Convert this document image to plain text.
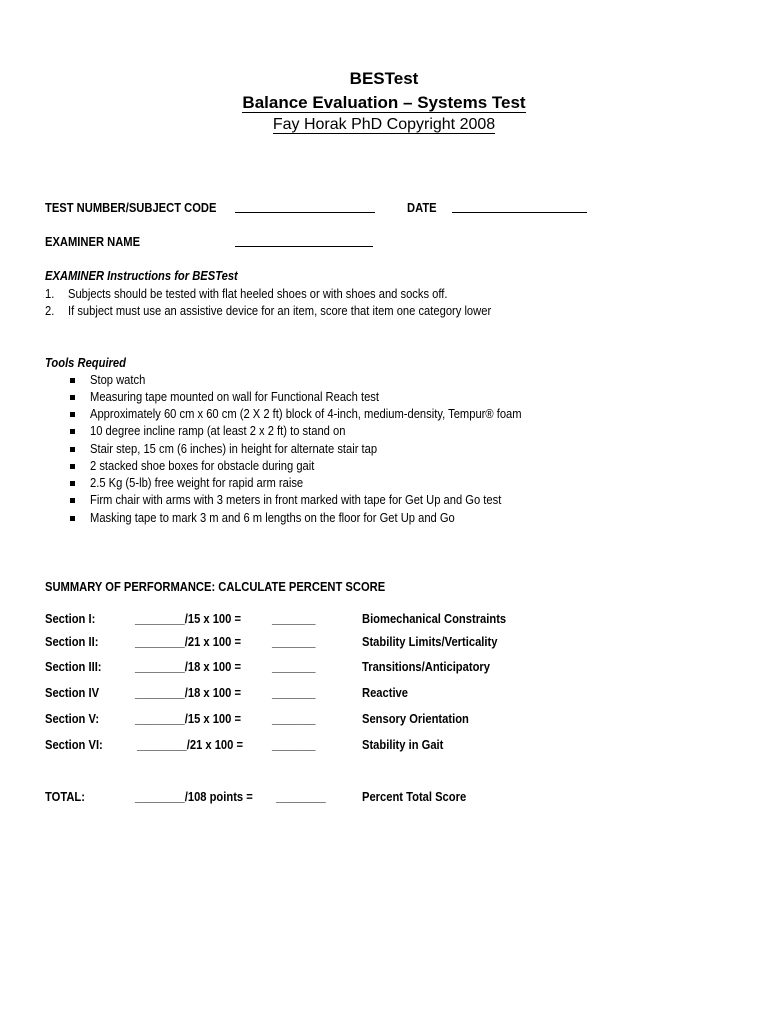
BESTest
Balance Evaluation – Systems Test
Fay Horak PhD Copyright 2008
TEST NUMBER/SUBJECT CODE	DATE
EXAMINER NAME
EXAMINER Instructions for BESTest
1. Subjects should be tested with flat heeled shoes or with shoes and socks off.
2. If subject must use an assistive device for an item, score that item one category lower
Tools Required
Stop watch
Measuring tape mounted on wall for Functional Reach test
Approximately 60 cm x 60 cm (2 X 2 ft) block of 4-inch, medium-density, Tempur® foam
10 degree incline ramp (at least 2 x 2 ft) to stand on
Stair step, 15 cm (6 inches) in height for alternate stair tap
2 stacked shoe boxes for obstacle during gait
2.5 Kg (5-lb) free weight for rapid arm raise
Firm chair with arms with 3 meters in front marked with tape for Get Up and Go test
Masking tape to mark 3 m and 6 m lengths on the floor for Get Up and Go
SUMMARY OF PERFORMANCE: CALCULATE PERCENT SCORE
Section I:	________/15 x 100 = _______	Biomechanical Constraints
Section II:	________/21 x 100 = _______	Stability Limits/Verticality
Section III:	________/18 x 100 = _______	Transitions/Anticipatory
Section IV	________/18 x 100 = _______	Reactive
Section V:	________/15 x 100 = _______	Sensory Orientation
Section VI:	________/21 x 100 = _______	Stability in Gait
TOTAL:	________/108 points = ________	Percent Total Score
